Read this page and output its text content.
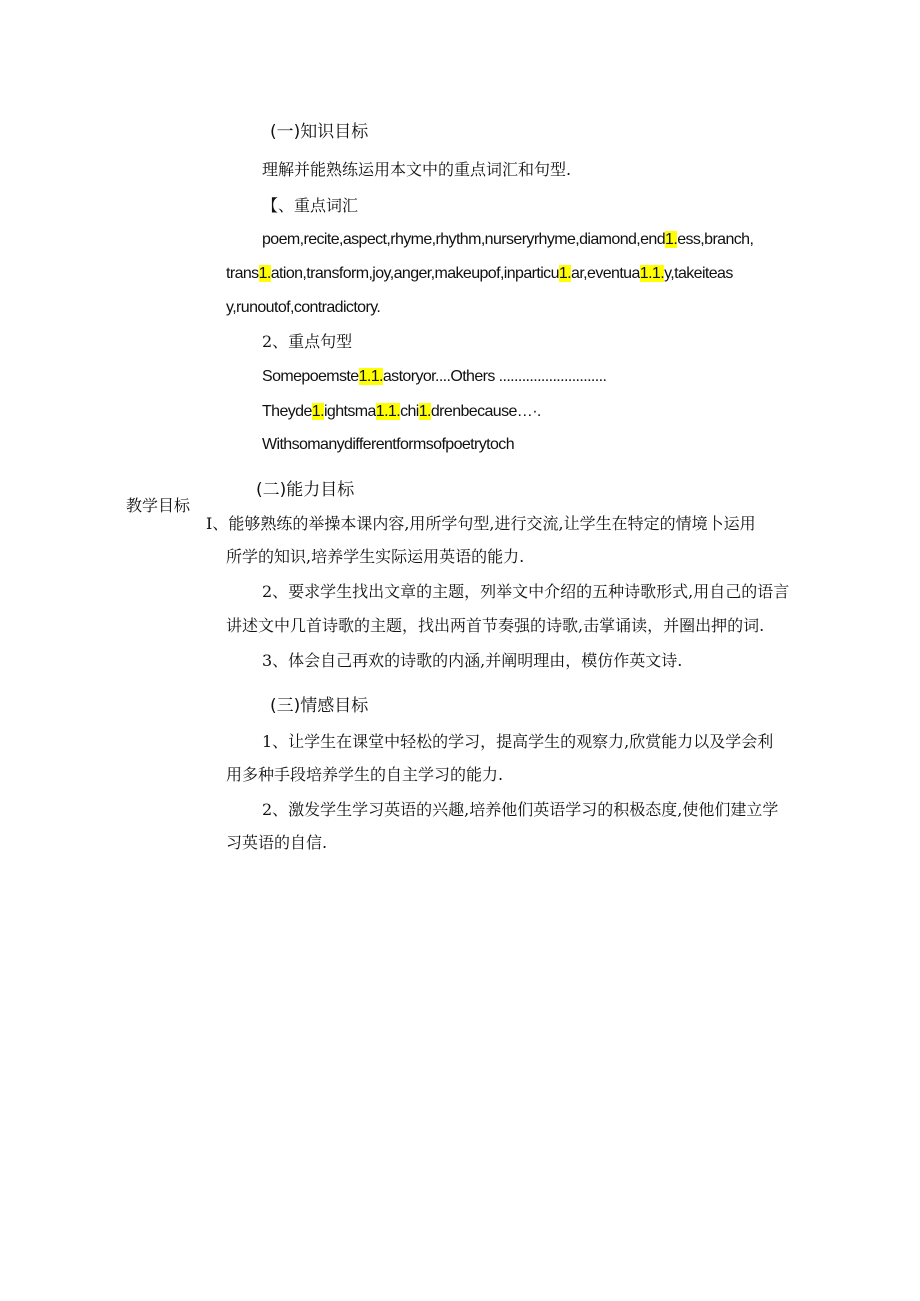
教学目标
(一)知识目标
理解并能熟练运用本文中的重点词汇和句型.
【、重点词汇
poem,recite,aspect,rhyme,rhythm,nurseryrhyme,diamond,end1.ess,branch,
trans1.ation,transform,joy,anger,makeupof,inparticu1.ar,eventua1.1.y,takeiteas
y,runoutof,contradictory.
2、重点句型
Somepoemste1.1.astoryor....Others ............................
Theyde1.ightsma1.1.chi1.drenbecause…·.
Withsomanydifferentformsofpoetrytoch
(二)能力目标
I、能够熟练的举操本课内容,用所学句型,进行交流,让学生在特定的情境卜运用
所学的知识,培养学生实际运用英语的能力.
2、要求学生找出文章的主题，列举文中介绍的五种诗歌形式,用自己的语言
讲述文中几首诗歌的主题，找出两首节奏强的诗歌,击掌诵读，并圈出押的词.
3、体会自己再欢的诗歌的内涵,并阐明理由，模仿作英文诗.
(三)情感目标
1、让学生在课堂中轻松的学习，提高学生的观察力,欣赏能力以及学会利
用多种手段培养学生的自主学习的能力.
2、激发学生学习英语的兴趣,培养他们英语学习的积极态度,使他们建立学
习英语的自信.
